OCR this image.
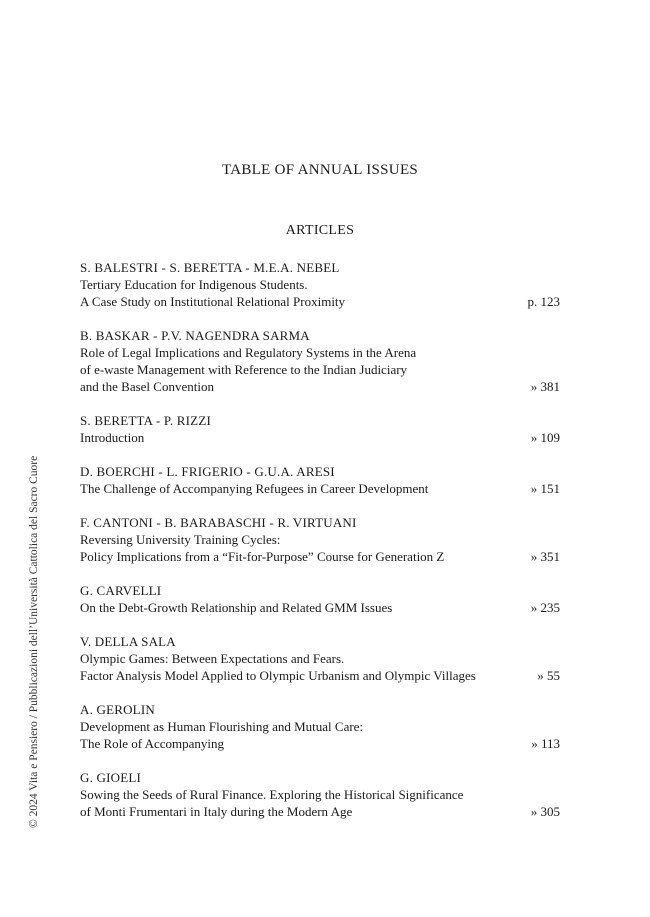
© 2024 Vita e Pensiero / Pubblicazioni dell’Università Cattolica del Sacro Cuore
TABLE OF ANNUAL ISSUES
ARTICLES
S. BALESTRI - S. BERETTA - M.E.A. NEBEL
Tertiary Education for Indigenous Students.
A Case Study on Institutional Relational Proximity	p. 123
B. BASKAR - P.V. NAGENDRA SARMA
Role of Legal Implications and Regulatory Systems in the Arena
of e-waste Management with Reference to the Indian Judiciary
and the Basel Convention	» 381
S. BERETTA - P. RIZZI
Introduction	» 109
D. BOERCHI - L. FRIGERIO - G.U.A. ARESI
The Challenge of Accompanying Refugees in Career Development	» 151
F. CANTONI - B. BARABASCHI - R. VIRTUANI
Reversing University Training Cycles:
Policy Implications from a “Fit-for-Purpose” Course for Generation Z	» 351
G. CARVELLI
On the Debt-Growth Relationship and Related GMM Issues	» 235
V. DELLA SALA
Olympic Games: Between Expectations and Fears.
Factor Analysis Model Applied to Olympic Urbanism and Olympic Villages	» 55
A. GEROLIN
Development as Human Flourishing and Mutual Care:
The Role of Accompanying	» 113
G. GIOELI
Sowing the Seeds of Rural Finance. Exploring the Historical Significance
of Monti Frumentari in Italy during the Modern Age	» 305
